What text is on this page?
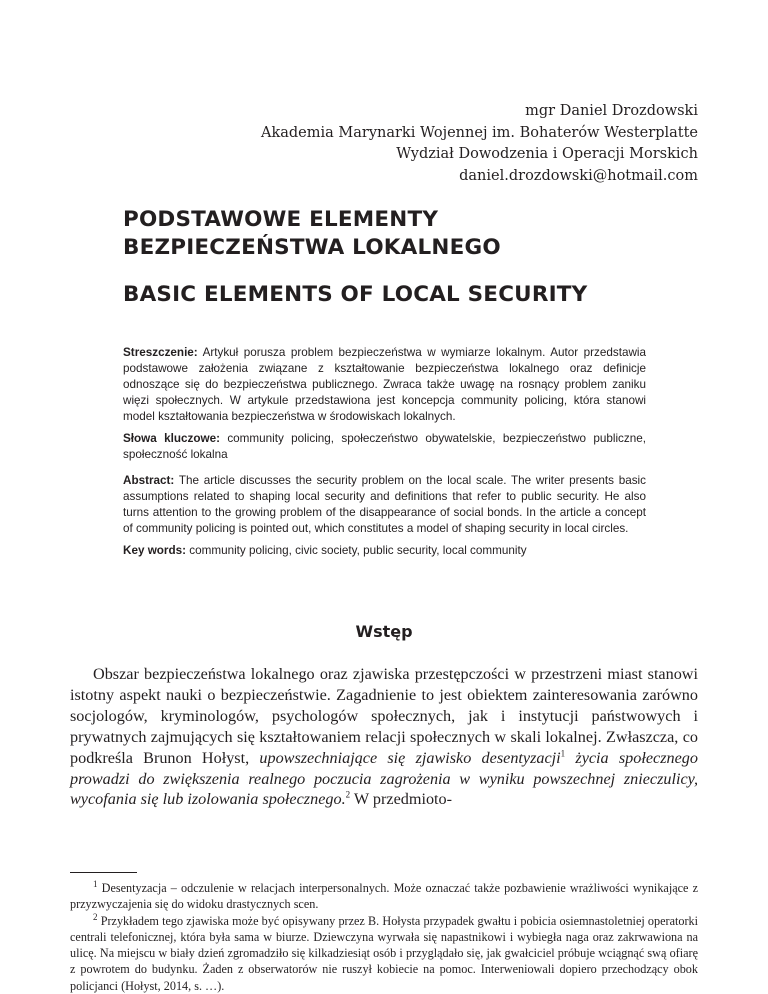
mgr Daniel Drozdowski
Akademia Marynarki Wojennej im. Bohaterów Westerplatte
Wydział Dowodzenia i Operacji Morskich
daniel.drozdowski@hotmail.com
PODSTAWOWE ELEMENTY
BEZPIECZEŃSTWA LOKALNEGO
BASIC ELEMENTS OF LOCAL SECURITY

Streszczenie: Artykuł porusza problem bezpieczeństwa w wymiarze lokalnym. Autor przedstawia podstawowe założenia związane z kształtowanie bezpieczeństwa lokalnego oraz definicje odnoszące się do bezpieczeństwa publicznego. Zwraca także uwagę na rosnący problem zaniku więzi społecznych. W artykule przedstawiona jest koncepcja community policing, która stanowi model kształtowania bezpieczeństwa w środowiskach lokalnych.

Słowa kluczowe: community policing, społeczeństwo obywatelskie, bezpieczeństwo publiczne, społeczność lokalna

Abstract: The article discusses the security problem on the local scale. The writer presents basic assumptions related to shaping local security and definitions that refer to public security. He also turns attention to the growing problem of the disappearance of social bonds. In the article a concept of community policing is pointed out, which constitutes a model of shaping security in local circles.

Key words: community policing, civic society, public security, local community

Wstęp

Obszar bezpieczeństwa lokalnego oraz zjawiska przestępczości w przestrzeni miast stanowi istotny aspekt nauki o bezpieczeństwie. Zagadnienie to jest obiektem zainteresowania zarówno socjologów, kryminologów, psychologów społecznych, jak i instytucji państwowych i prywatnych zajmujących się kształtowaniem relacji społecznych w skali lokalnej. Zwłaszcza, co podkreśla Brunon Hołyst, upowszechniające się zjawisko desentyzacji$^1$ życia społecznego prowadzi do zwiększenia realnego poczucia zagrożenia w wyniku powszechnej znieczulicy, wycofania się lub izolowania społecznego.$^2$ W przedmioto-

$^1$ Desentyzacja – odczulenie w relacjach interpersonalnych. Może oznaczać także pozbawienie wrażliwości wynikające z przyzwyczajenia się do widoku drastycznych scen.

$^2$ Przykładem tego zjawiska może być opisywany przez B. Hołysta przypadek gwałtu i pobicia osiemnastoletniej operatorki centrali telefonicznej, która była sama w biurze. Dziewczyna wyrwała się napastnikowi i wybiegła naga oraz zakrwawiona na ulicę. Na miejscu w biały dzień zgromadziło się kilkadziesiąt osób i przyglądało się, jak gwałciciel próbuje wciągnąć swą ofiarę z powrotem do budynku. Żaden z obserwatorów nie ruszył kobiecie na pomoc. Interweniowali dopiero przechodzący obok policjanci (Hołyst, 2014, s. …).
